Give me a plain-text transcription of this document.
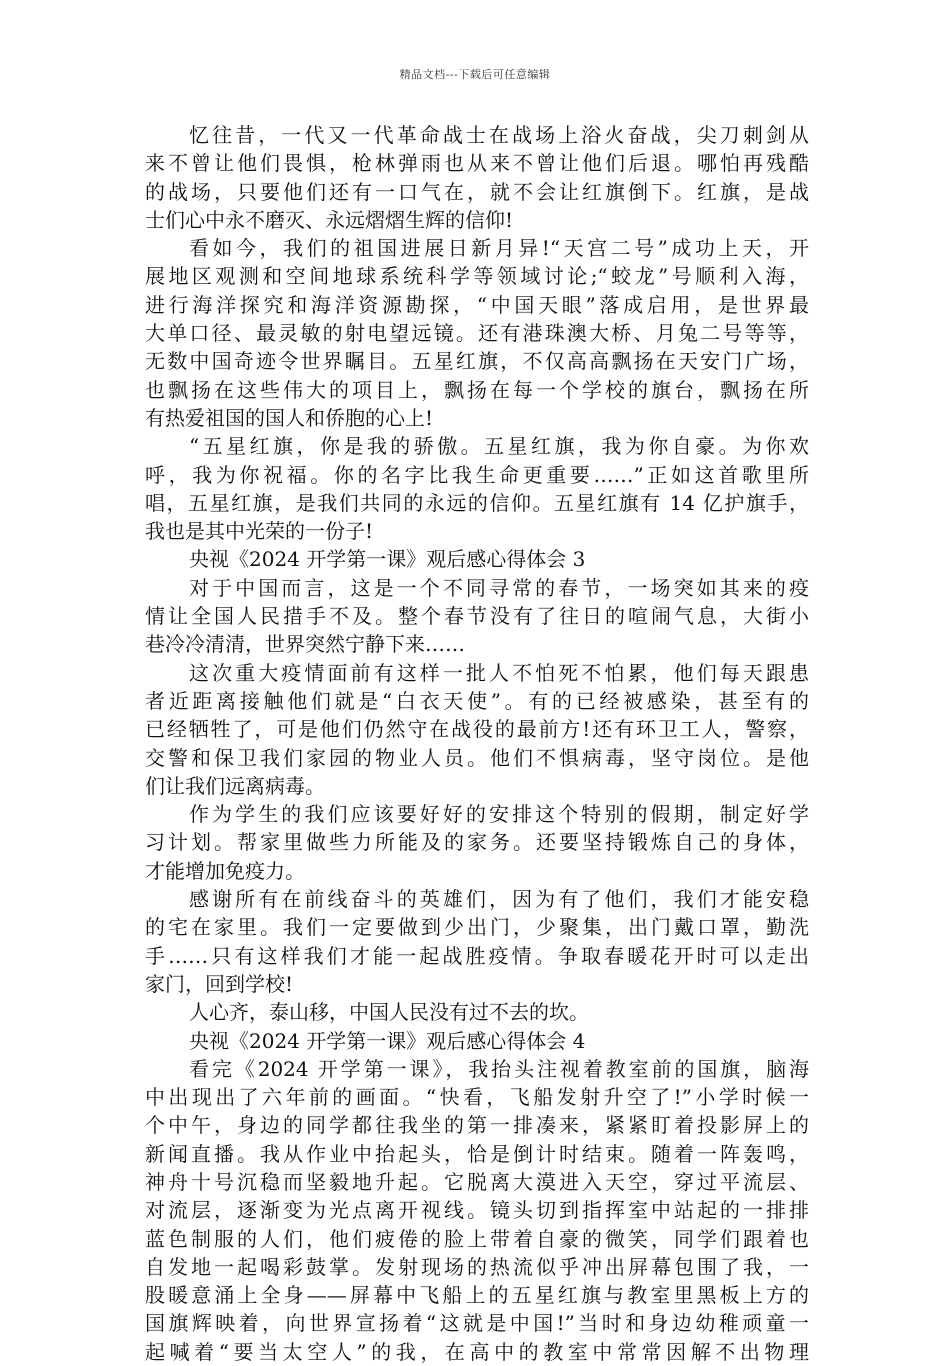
精品文档---下载后可任意编辑
忆往昔，一代又一代革命战士在战场上浴火奋战，尖刀刺剑从
来不曾让他们畏惧，枪林弹雨也从来不曾让他们后退。哪怕再残酷
的战场，只要他们还有一口气在，就不会让红旗倒下。红旗，是战
士们心中永不磨灭、永远熠熠生辉的信仰!
看如今，我们的祖国进展日新月异!“天宫二号”成功上天，开
展地区观测和空间地球系统科学等领域讨论;“蛟龙”号顺利入海，
进行海洋探究和海洋资源勘探，“中国天眼”落成启用，是世界最
大单口径、最灵敏的射电望远镜。还有港珠澳大桥、月兔二号等等，
无数中国奇迹令世界瞩目。五星红旗，不仅高高飘扬在天安门广场，
也飘扬在这些伟大的项目上，飘扬在每一个学校的旗台，飘扬在所
有热爱祖国的国人和侨胞的心上!
“五星红旗，你是我的骄傲。五星红旗，我为你自豪。为你欢
呼，我为你祝福。你的名字比我生命更重要……”正如这首歌里所
唱，五星红旗，是我们共同的永远的信仰。五星红旗有 14 亿护旗手，
我也是其中光荣的一份子!
央视《2024 开学第一课》观后感心得体会 3
对于中国而言，这是一个不同寻常的春节，一场突如其来的疫
情让全国人民措手不及。整个春节没有了往日的喧闹气息，大街小
巷冷冷清清，世界突然宁静下来……
这次重大疫情面前有这样一批人不怕死不怕累，他们每天跟患
者近距离接触他们就是“白衣天使”。有的已经被感染，甚至有的
已经牺牲了，可是他们仍然守在战役的最前方!还有环卫工人，警察，
交警和保卫我们家园的物业人员。他们不惧病毒，坚守岗位。是他
们让我们远离病毒。
作为学生的我们应该要好好的安排这个特别的假期，制定好学
习计划。帮家里做些力所能及的家务。还要坚持锻炼自己的身体，
才能增加免疫力。
感谢所有在前线奋斗的英雄们，因为有了他们，我们才能安稳
的宅在家里。我们一定要做到少出门，少聚集，出门戴口罩，勤洗
手……只有这样我们才能一起战胜疫情。争取春暖花开时可以走出
家门，回到学校!
人心齐，泰山移，中国人民没有过不去的坎。
央视《2024 开学第一课》观后感心得体会 4
看完《2024 开学第一课》，我抬头注视着教室前的国旗，脑海
中出现出了六年前的画面。“快看，飞船发射升空了!”小学时候一
个中午，身边的同学都往我坐的第一排凑来，紧紧盯着投影屏上的
新闻直播。我从作业中抬起头，恰是倒计时结束。随着一阵轰鸣，
神舟十号沉稳而坚毅地升起。它脱离大漠进入天空，穿过平流层、
对流层，逐渐变为光点离开视线。镜头切到指挥室中站起的一排排
蓝色制服的人们，他们疲倦的脸上带着自豪的微笑，同学们跟着也
自发地一起喝彩鼓掌。发射现场的热流似乎冲出屏幕包围了我，一
股暖意涌上全身——屏幕中飞船上的五星红旗与教室里黑板上方的
国旗辉映着，向世界宣扬着“这就是中国!”当时和身边幼稚顽童一
起喊着“要当太空人”的我，在高中的教室中常常因解不出物理
